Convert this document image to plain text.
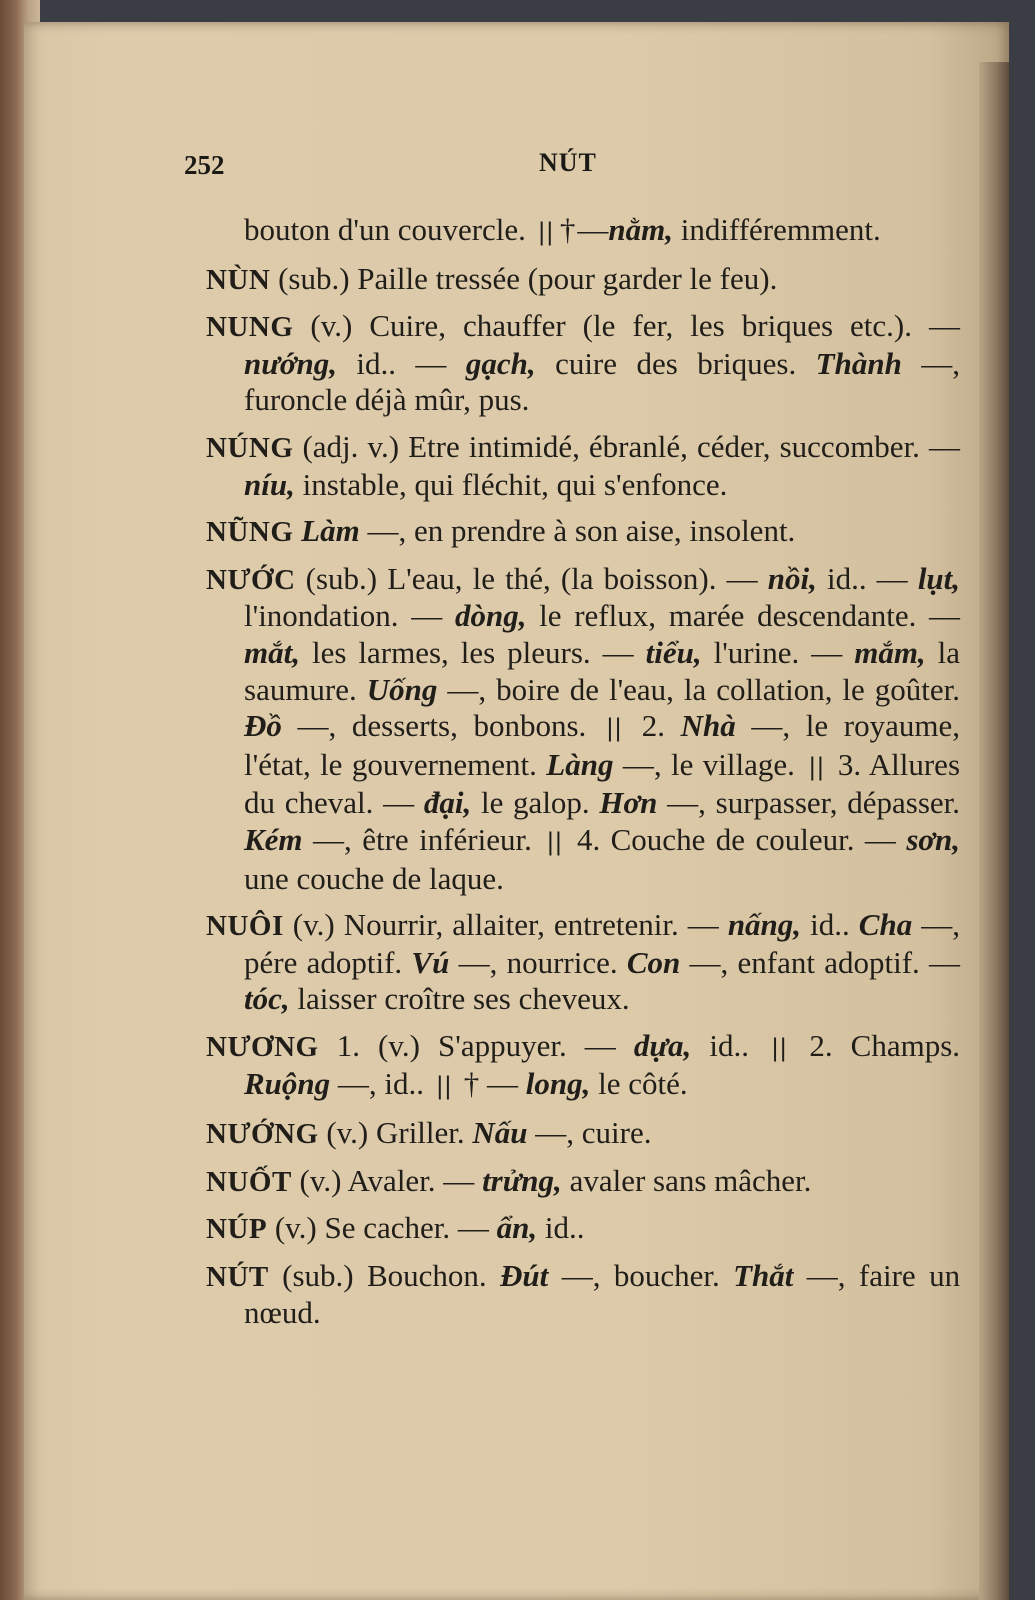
252	NÚT

bouton d'un couvercle. || †—nằm, indifféremment.

NÙN (sub.) Paille tressée (pour garder le feu).

NUNG (v.) Cuire, chauffer (le fer, les briques etc.). — nướng, id.. — gạch, cuire des briques. Thành —, furoncle déjà mûr, pus.

NÚNG (adj. v.) Etre intimidé, ébranlé, céder, succomber. — níu, instable, qui fléchit, qui s'enfonce.

NŨNG Làm —, en prendre à son aise, insolent.

NƯỚC (sub.) L'eau, le thé, (la boisson). — nồi, id.. — lụt, l'inondation. — dòng, le reflux, marée descendante. — mắt, les larmes, les pleurs. — tiểu, l'urine. — mắm, la saumure. Uống —, boire de l'eau, la collation, le goûter. Đồ —, desserts, bonbons. || 2. Nhà —, le royaume, l'état, le gouvernement. Làng —, le village. || 3. Allures du cheval. — đại, le galop. Hơn —, surpasser, dépasser. Kém —, être inférieur. || 4. Couche de couleur. — sơn, une couche de laque.

NUÔI (v.) Nourrir, allaiter, entretenir. — nấng, id.. Cha —, pére adoptif. Vú —, nourrice. Con —, enfant adoptif. — tóc, laisser croître ses cheveux.

NƯƠNG 1. (v.) S'appuyer. — dựa, id.. || 2. Champs. Ruộng —, id.. || † — long, le côté.

NƯỚNG (v.) Griller. Nấu —, cuire.

NUỐT (v.) Avaler. — trửng, avaler sans mâcher.

NÚP (v.) Se cacher. — ẩn, id..

NÚT (sub.) Bouchon. Đút —, boucher. Thắt —, faire un nœud.
